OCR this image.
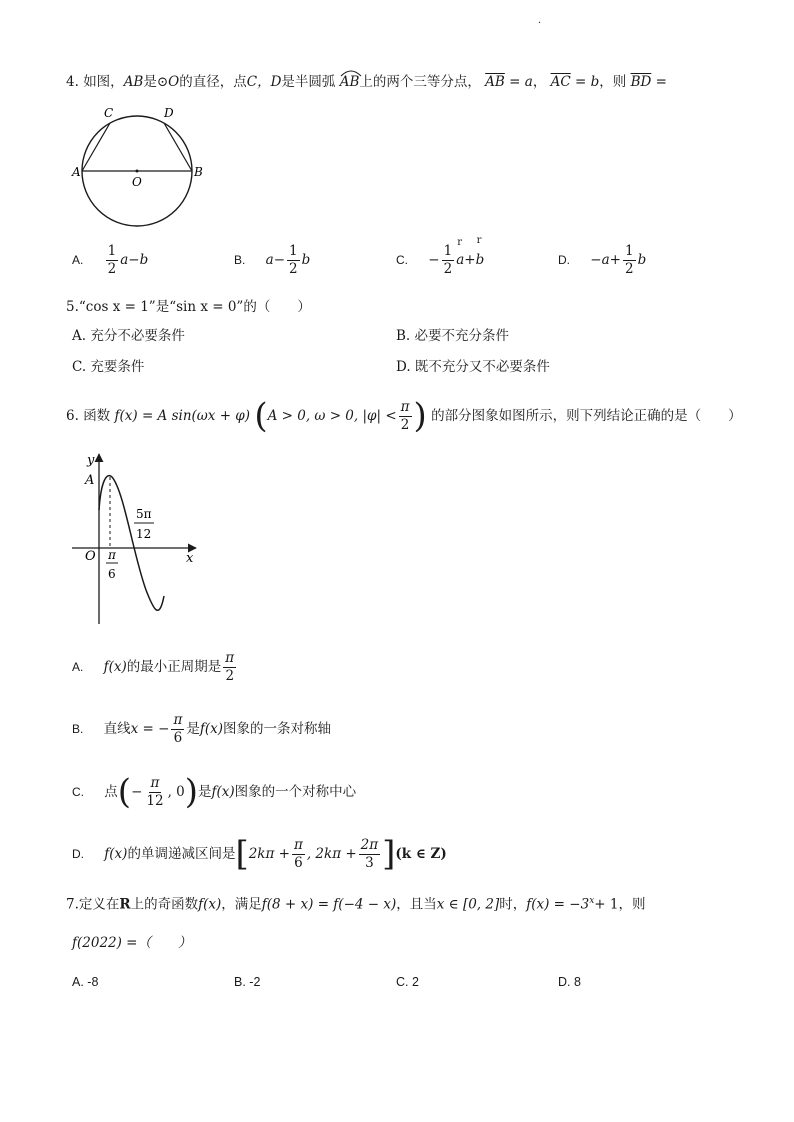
.
4. 如图，AB是⊙O的直径，点C，D是半圆弧 AB上的两个三等分点， $\overline{AB} = a$， $\overline{AC} = b$，则 $\overline{BD}$ =
C	D
A	B
O
A. $\frac{1}{2} a-b$	B. $a- \frac{1}{2}$ b	C. − $\frac{1}{2}$
r
a+
r
b	D. $-a+ \frac{1}{2}$ b
5.“cos x = 1”是“sin x = 0”的（　　）
A. 充分不必要条件	B. 必要不充分条件
C. 充要条件	D. 既不充分又不必要条件
6. 函数 f(x) = A sin(ωx + φ) (A > 0, ω > 0, $|\varphi| < \frac{\pi}{2}$ ) 的部分图象如图所示，则下列结论正确的是（　　）
y
A
O	x
5π
12
π
6
A. f(x)的最小正周期是 $\frac{\pi}{2}$
B. 直线x = − $\frac{\pi}{6}$ 是f(x)图象的一条对称轴
C. 点(− $\frac{\pi}{12}$ , 0)是f(x)图象的一个对称中心
D. f(x)的单调递减区间是[$2k\pi + \frac{\pi}{6}$ , $2k\pi + \frac{2\pi}{3} ](k$ ∈ Z)
7.定义在R上的奇函数f(x)，满足f(8 + x) = f(−4 − x)，且当x ∈ [0, 2]时，$f(x) = -3^x+ 1$，则
f(2022) =（　　）
A. -8	B. -2	C. 2	D. 8
